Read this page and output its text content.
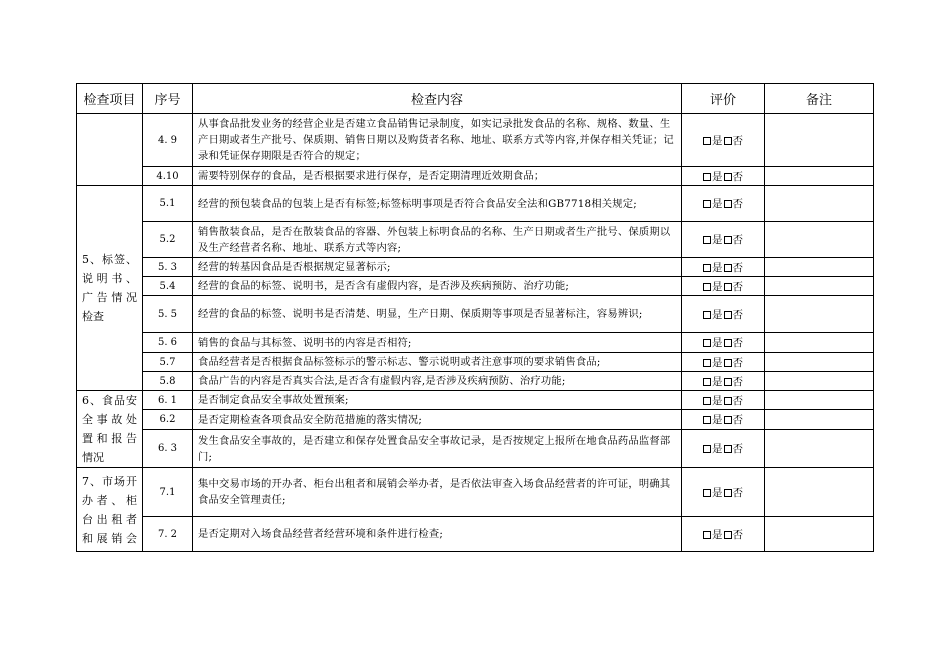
检查项目	序号	检查内容	评价	备注
	4. 9	从事食品批发业务的经营企业是否建立食品销售记录制度，如实记录批发食品的名称、规格、数量、生产日期或者生产批号、保质期、销售日期以及购货者名称、地址、联系方式等内容,并保存相关凭证；记录和凭证保存期限是否符合的规定；	是 否	
	4.10	需要特别保存的食品，是否根据要求进行保存，是否定期清理近效期食品；	是 否	

5、标签、
说明书、
广告情况
检查	5.1	经营的预包装食品的包装上是否有标签;标签标明事项是否符合食品安全法和GB7718相关规定;	是 否	
	5.2	销售散装食品，是否在散装食品的容器、外包装上标明食品的名称、生产日期或者生产批号、保质期以及生产经营者名称、地址、联系方式等内容;	是 否	
	5. 3	经营的转基因食品是否根据规定显著标示;	是 否	
	5.4	经营的食品的标签、说明书，是否含有虚假内容，是否涉及疾病预防、治疗功能;	是 否	
	5. 5	经营的食品的标签、说明书是否清楚、明显，生产日期、保质期等事项是否显著标注，容易辨识;	是 否	
	5. 6	销售的食品与其标签、说明书的内容是否相符;	是 否	
	5.7	食品经营者是否根据食品标签标示的警示标志、警示说明或者注意事项的要求销售食品;	是 否	
	5.8	食品广告的内容是否真实合法,是否含有虚假内容,是否涉及疾病预防、治疗功能;	是 否	

6、食品安
全事故处
置和报告
情况	6. 1	是否制定食品安全事故处置预案;	是 否	
	6.2	是否定期检查各项食品安全防范措施的落实情况;	是 否	
	6. 3	发生食品安全事故的，是否建立和保存处置食品安全事故记录，是否按规定上报所在地食品药品监督部门;	是 否	

7、市场开
办者、柜
台出租者
和展销会	7.1	集中交易市场的开办者、柜台出租者和展销会举办者，是否依法审查入场食品经营者的许可证，明确其食品安全管理责任;	是 否	
	7. 2	是否定期对入场食品经营者经营环境和条件进行检查;	是 否	
